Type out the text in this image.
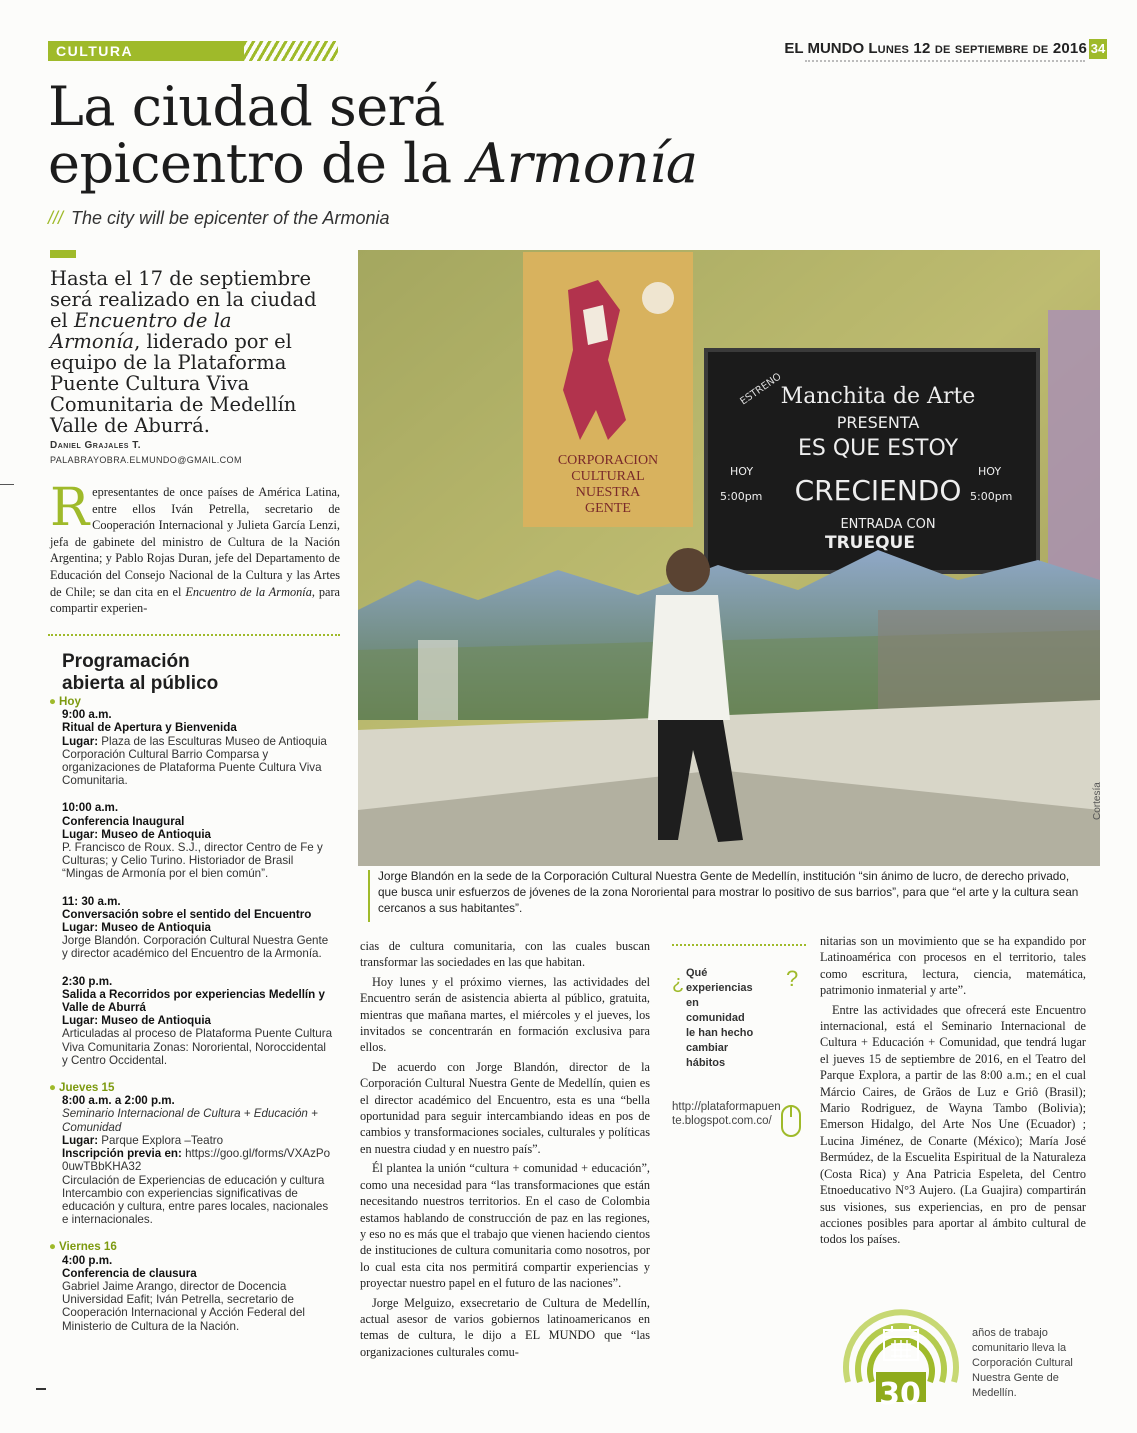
CULTURA	EL MUNDO Lunes 12 de septiembre de 2016 34
La ciudad será
epicentro de la Armonía
/// The city will be epicenter of the Armonia
Hasta el 17 de septiembre será realizado en la ciudad el Encuentro de la Armonía, liderado por el equipo de la Plataforma Puente Cultura Viva Comunitaria de Medellín Valle de Aburrá.
Daniel Grajales T.
PALABRAYOBRA.ELMUNDO@GMAIL.COM
Representantes de once países de América Latina, entre ellos Iván Petrella, secretario de Cooperación Internacional y Julieta García Lenzi, jefa de gabinete del ministro de Cultura de la Nación Argentina; y Pablo Rojas Duran, jefe del Departamento de Educación del Consejo Nacional de la Cultura y las Artes de Chile; se dan cita en el Encuentro de la Armonía, para compartir experien-
Programación abierta al público

● Hoy

9:00 a.m.

Ritual de Apertura y Bienvenida

Lugar: Plaza de las Esculturas Museo de Antioquia

Corporación Cultural Barrio Comparsa y organizaciones de Plataforma Puente Cultura Viva Comunitaria.

10:00 a.m.

Conferencia Inaugural

Lugar: Museo de Antioquia

P. Francisco de Roux. S.J., director Centro de Fe y Culturas; y Celio Turino. Historiador de Brasil “Mingas de Armonía por el bien común”.

11: 30 a.m.

Conversación sobre el sentido del Encuentro

Lugar: Museo de Antioquia

Jorge Blandón. Corporación Cultural Nuestra Gente y director académico del Encuentro de la Armonía.

2:30 p.m.

Salida a Recorridos por experiencias Medellín y Valle de Aburrá

Lugar: Museo de Antioquia

Articuladas al proceso de Plataforma Puente Cultura Viva Comunitaria Zonas: Nororiental, Noroccidental y Centro Occidental.

● Jueves 15

8:00 a.m. a 2:00 p.m.

Seminario Internacional de Cultura + Educación + Comunidad

Lugar: Parque Explora –Teatro

Inscripción previa en: https://goo.gl/forms/VXAzPo0uwTBbKHA32

Circulación de Experiencias de educación y cultura Intercambio con experiencias significativas de educación y cultura, entre pares locales, nacionales e internacionales.

● Viernes 16

4:00 p.m.

Conferencia de clausura

Gabriel Jaime Arango, director de Docencia Universidad Eafit; Iván Petrella, secretario de Cooperación Internacional y Acción Federal del Ministerio de Cultura de la Nación.

CORPORACION
CULTURAL
NUESTRA
GENTE
ESTRENO
Manchita de Arte
PRESENTA
ES QUE ESTOY
CRECIENDO
HOY
5:00pm
HOY
5:00pm
ENTRADA CON
TRUEQUE
Cortesía
Jorge Blandón en la sede de la Corporación Cultural Nuestra Gente de Medellín, institución “sin ánimo de lucro, de derecho privado, que busca unir esfuerzos de jóvenes de la zona Nororiental para mostrar lo positivo de sus barrios”, para que “el arte y la cultura sean cercanos a sus habitantes”.

cias de cultura comunitaria, con las cuales buscan transformar las sociedades en las que habitan.

Hoy lunes y el próximo viernes, las actividades del Encuentro serán de asistencia abierta al público, gratuita, mientras que mañana martes, el miércoles y el jueves, los invitados se concentrarán en formación exclusiva para ellos.

De acuerdo con Jorge Blandón, director de la Corporación Cultural Nuestra Gente de Medellín, quien es el director académico del Encuentro, esta es una “bella oportunidad para seguir intercambiando ideas en pos de cambios y transformaciones sociales, culturales y políticas en nuestra ciudad y en nuestro país”.

Él plantea la unión “cultura + comunidad + educación”, como una necesidad para “las transformaciones que están necesitando nuestros territorios. En el caso de Colombia estamos hablando de construcción de paz en las regiones, y eso no es más que el trabajo que vienen haciendo cientos de instituciones de cultura comunitaria como nosotros, por lo cual esta cita nos permitirá compartir experiencias y proyectar nuestro papel en el futuro de las naciones”.

Jorge Melguizo, exsecretario de Cultura de Medellín, actual asesor de varios gobiernos latinoamericanos en temas de cultura, le dijo a EL MUNDO que “las organizaciones culturales comu-

¿ Qué experiencias en comunidad le han hecho cambiar hábitos
?
http://plataformapuente.blogspot.com.co/

nitarias son un movimiento que se ha expandido por Latinoamérica con procesos en el territorio, tales como escritura, lectura, ciencia, matemática, patrimonio inmaterial y arte”.

Entre las actividades que ofrecerá este Encuentro internacional, está el Seminario Internacional de Cultura + Educación + Comunidad, que tendrá lugar el jueves 15 de septiembre de 2016, en el Teatro del Parque Explora, a partir de las 8:00 a.m.; en el cual Márcio Caires, de Grãos de Luz e Griô (Brasil); Mario Rodriguez, de Wayna Tambo (Bolivia); Emerson Hidalgo, del Arte Nos Une (Ecuador) ; Lucina Jiménez, de Conarte (México); María José Bermúdez, de la Escuelita Espiritual de la Naturaleza (Costa Rica) y Ana Patricia Espeleta, del Centro Etnoeducativo N°3 Aujero. (La Guajira) compartirán sus visiones, sus experiencias, en pro de pensar acciones posibles para aportar al ámbito cultural de todos los países.

30
años de trabajo comunitario lleva la Corporación Cultural Nuestra Gente de Medellín.
